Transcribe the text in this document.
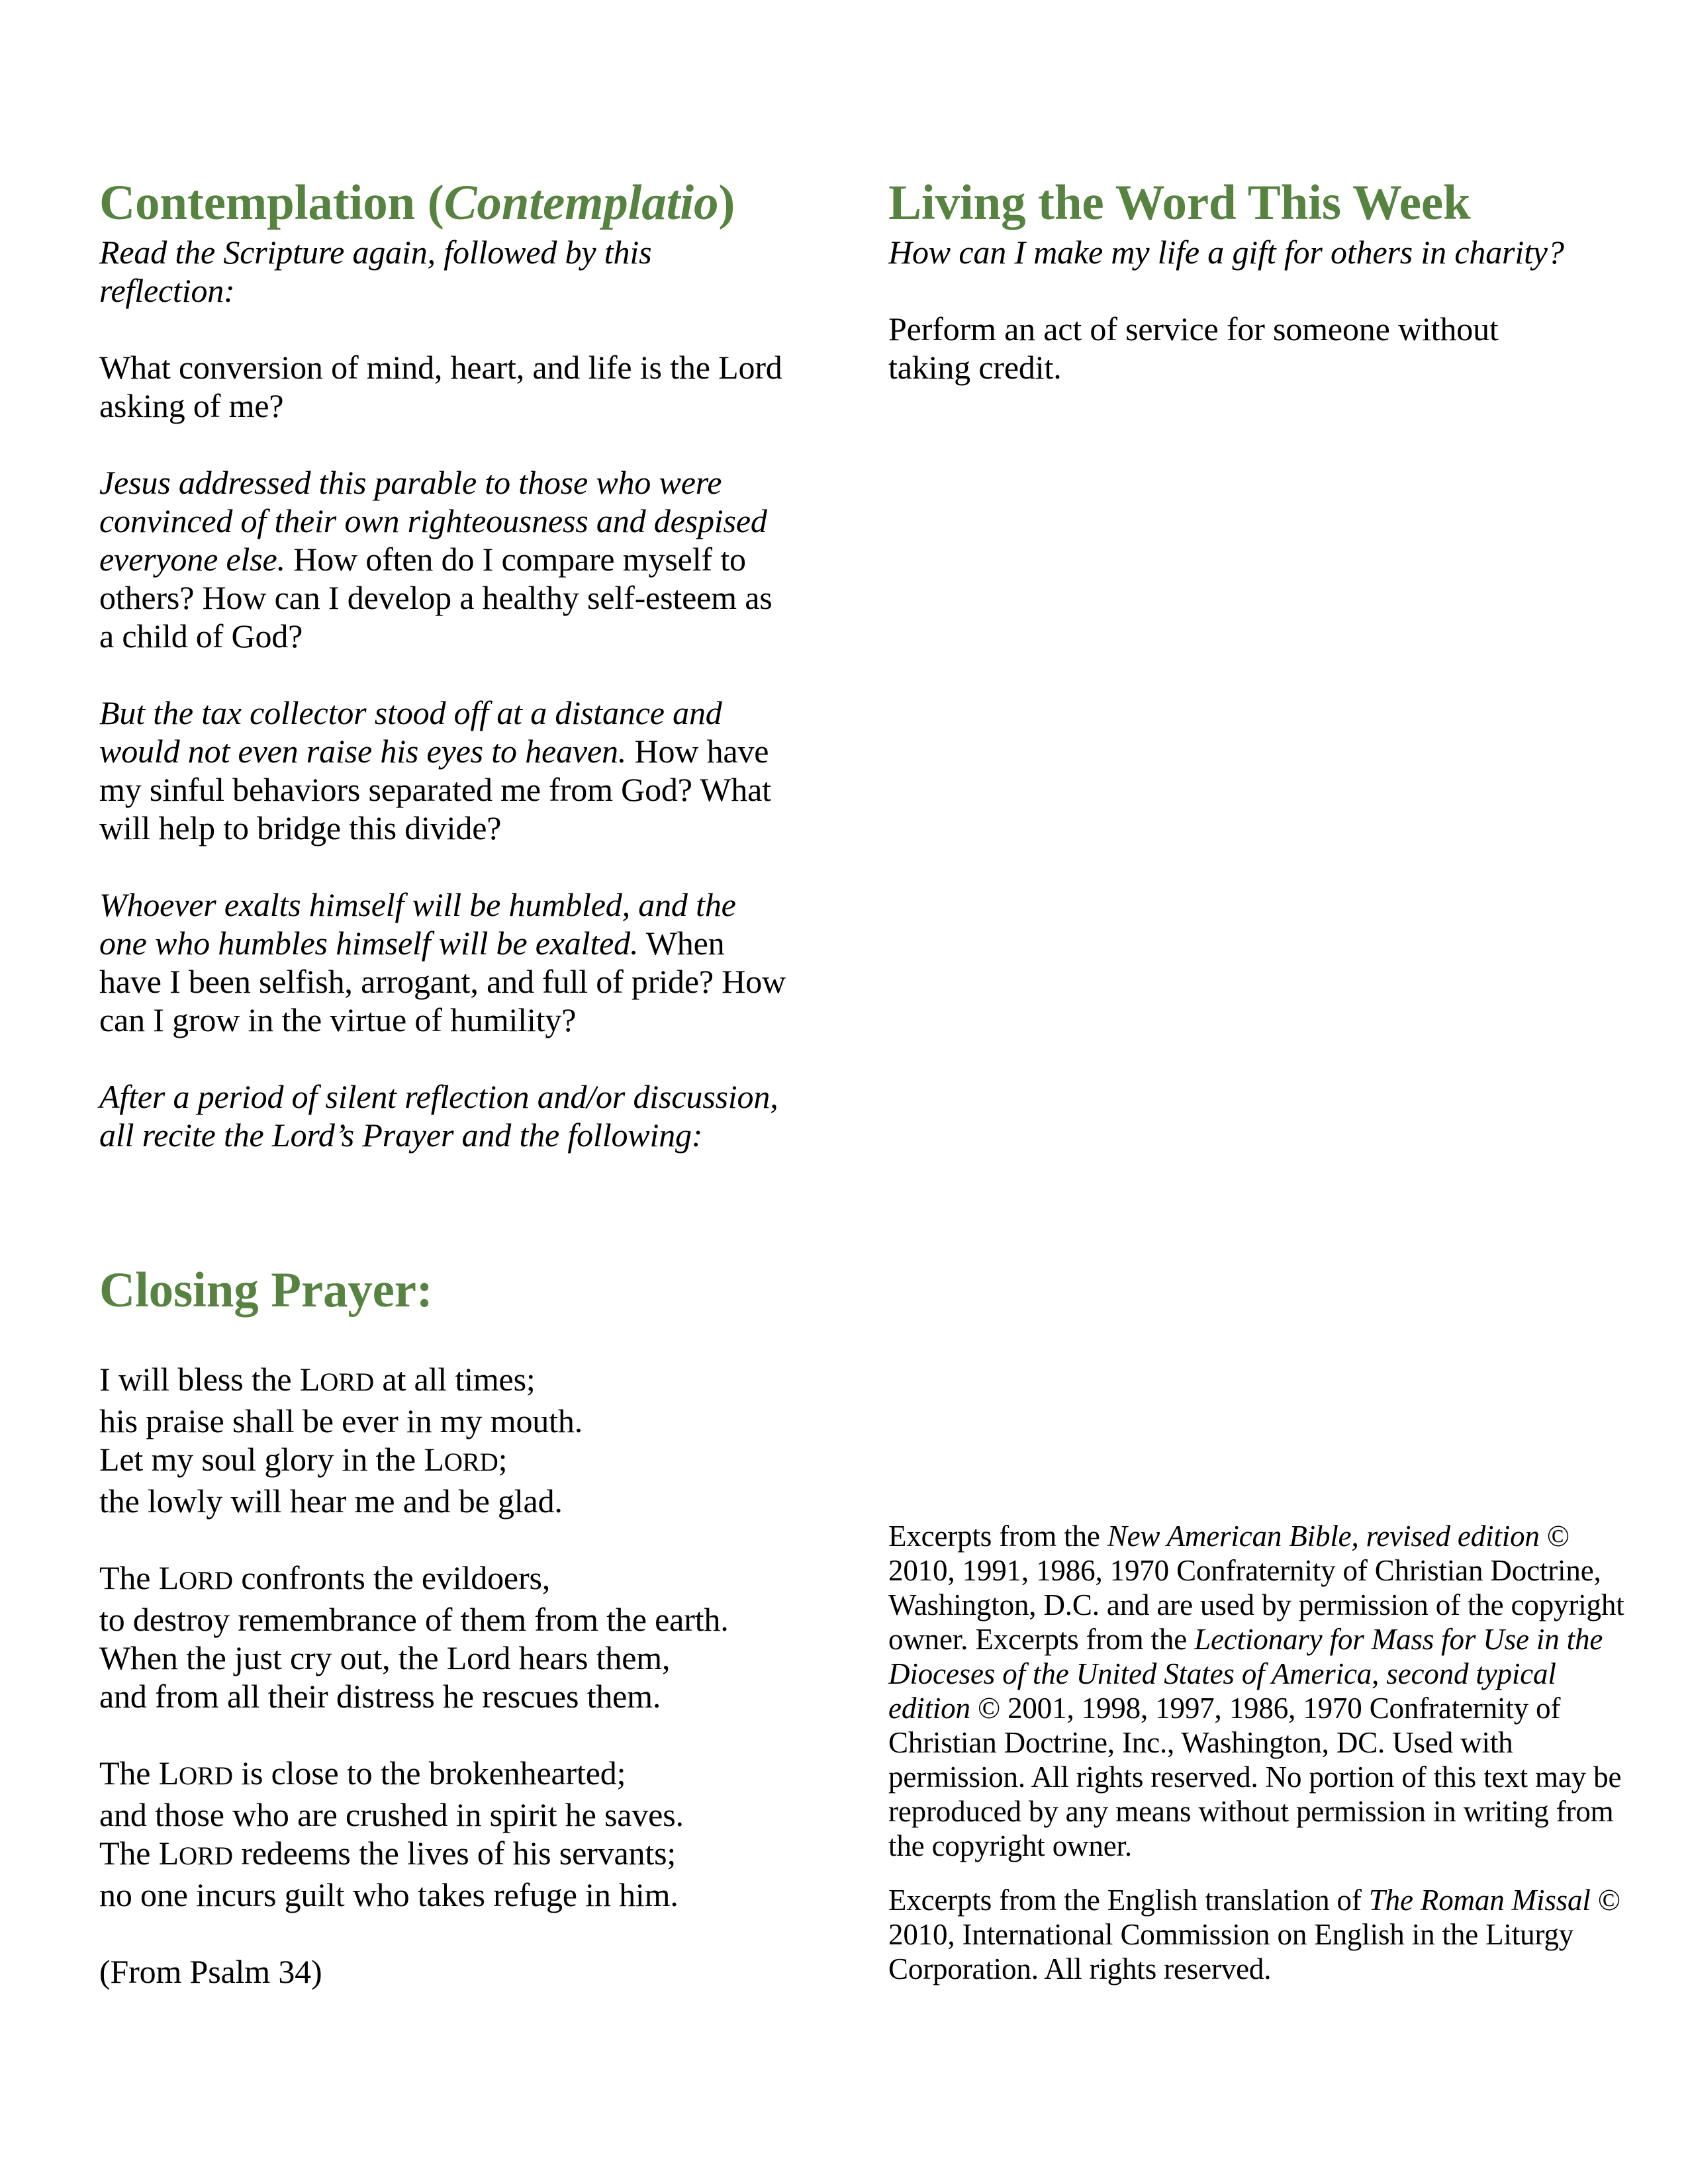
Contemplation (Contemplatio)

Read the Scripture again, followed by this
reflection:

What conversion of mind, heart, and life is the Lord
asking of me?

Jesus addressed this parable to those who were
convinced of their own righteousness and despised
everyone else. How often do I compare myself to
others? How can I develop a healthy self-esteem as
a child of God?

But the tax collector stood off at a distance and
would not even raise his eyes to heaven. How have
my sinful behaviors separated me from God? What
will help to bridge this divide?

Whoever exalts himself will be humbled, and the
one who humbles himself will be exalted. When
have I been selfish, arrogant, and full of pride? How
can I grow in the virtue of humility?

After a period of silent reflection and/or discussion,
all recite the Lord’s Prayer and the following:

Closing Prayer:
I will bless the LORD at all times;
his praise shall be ever in my mouth.
Let my soul glory in the LORD;
the lowly will hear me and be glad.
The LORD confronts the evildoers,
to destroy remembrance of them from the earth.
When the just cry out, the Lord hears them,
and from all their distress he rescues them.
The LORD is close to the brokenhearted;
and those who are crushed in spirit he saves.
The LORD redeems the lives of his servants;
no one incurs guilt who takes refuge in him.

(From Psalm 34)

Living the Word This Week

How can I make my life a gift for others in charity?

Perform an act of service for someone without
taking credit.

Excerpts from the New American Bible, revised edition ©
2010, 1991, 1986, 1970 Confraternity of Christian Doctrine,
Washington, D.C. and are used by permission of the copyright
owner. Excerpts from the Lectionary for Mass for Use in the
Dioceses of the United States of America, second typical
edition © 2001, 1998, 1997, 1986, 1970 Confraternity of
Christian Doctrine, Inc., Washington, DC. Used with
permission. All rights reserved. No portion of this text may be
reproduced by any means without permission in writing from
the copyright owner.

Excerpts from the English translation of The Roman Missal ©
2010, International Commission on English in the Liturgy
Corporation. All rights reserved.
